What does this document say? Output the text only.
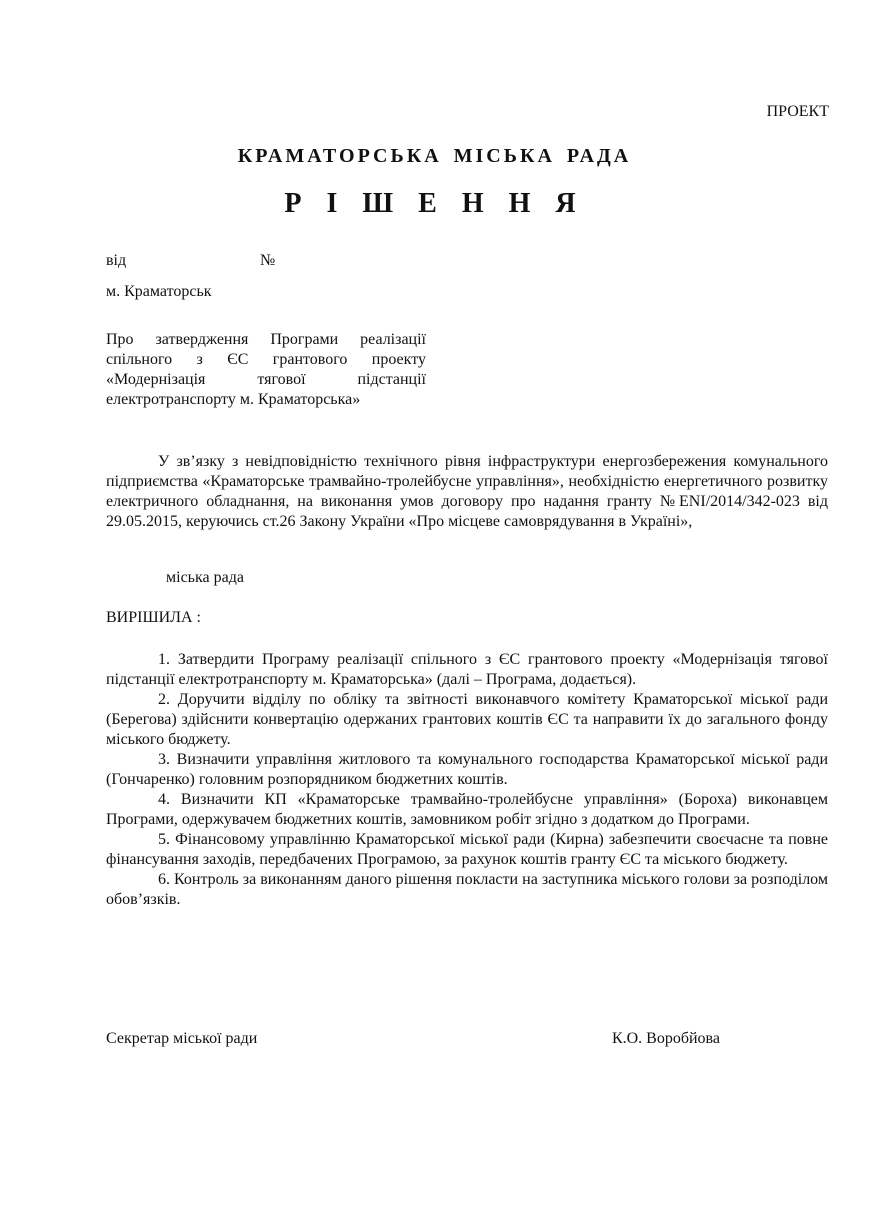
ПРОЕКТ
КРАМАТОРСЬКА МІСЬКА РАДА
Р І Ш Е Н Н Я
від	№
м. Краматорськ
Про затвердження Програми реалізації спільного з ЄС грантового проекту «Модернізація тягової підстанції електротранспорту м. Краматорська»
У зв’язку з невідповідністю технічного рівня інфраструктури енергозбережения комунального підприємства «Краматорське трамвайно-тролейбусне управління», необхідністю енергетичного розвитку електричного обладнання, на виконання умов договору про надання гранту №ENI/2014/342-023 від 29.05.2015, керуючись ст.26 Закону України «Про місцеве самоврядування в Україні»,
міська рада
ВИРІШИЛА :

1. Затвердити Програму реалізації спільного з ЄС грантового проекту «Модернізація тягової підстанції електротранспорту м. Краматорська» (далі – Програма, додається).

2. Доручити відділу по обліку та звітності виконавчого комітету Краматорської міської ради (Берегова) здійснити конвертацію одержаних грантових коштів ЄС та направити їх до загального фонду міського бюджету.

3. Визначити управління житлового та комунального господарства Краматорської міської ради (Гончаренко) головним розпорядником бюджетних коштів.

4. Визначити КП «Краматорське трамвайно-тролейбусне управління» (Бороха) виконавцем Програми, одержувачем бюджетних коштів, замовником робіт згідно з додатком до Програми.

5. Фінансовому управлінню Краматорської міської ради (Кирна) забезпечити своєчасне та повне фінансування заходів, передбачених Програмою, за рахунок коштів гранту ЄС та міського бюджету.

6. Контроль за виконанням даного рішення покласти на заступника міського голови за розподілом обов’язків.

Секретар міської ради	К.О. Воробйова
